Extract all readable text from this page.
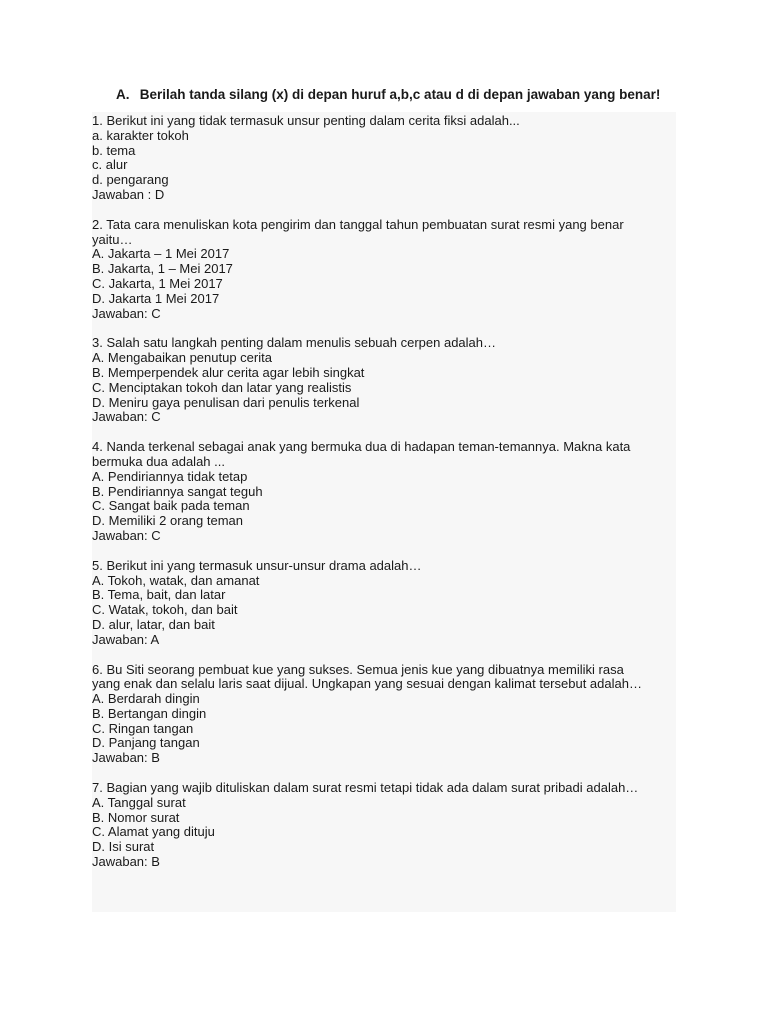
A. Berilah tanda silang (x) di depan huruf a,b,c atau d di depan jawaban yang benar!
1. Berikut ini yang tidak termasuk unsur penting dalam cerita fiksi adalah...
a. karakter tokoh
b. tema
c. alur
d. pengarang
Jawaban : D
2. Tata cara menuliskan kota pengirim dan tanggal tahun pembuatan surat resmi yang benar
yaitu…
A. Jakarta – 1 Mei 2017
B. Jakarta, 1 – Mei 2017
C. Jakarta, 1 Mei 2017
D. Jakarta 1 Mei 2017
Jawaban: C
3. Salah satu langkah penting dalam menulis sebuah cerpen adalah…
A. Mengabaikan penutup cerita
B. Memperpendek alur cerita agar lebih singkat
C. Menciptakan tokoh dan latar yang realistis
D. Meniru gaya penulisan dari penulis terkenal
Jawaban: C
4. Nanda terkenal sebagai anak yang bermuka dua di hadapan teman-temannya. Makna kata
bermuka dua adalah ...
A. Pendiriannya tidak tetap
B. Pendiriannya sangat teguh
C. Sangat baik pada teman
D. Memiliki 2 orang teman
Jawaban: C
5. Berikut ini yang termasuk unsur-unsur drama adalah…
A. Tokoh, watak, dan amanat
B. Tema, bait, dan latar
C. Watak, tokoh, dan bait
D. alur, latar, dan bait
Jawaban: A
6. Bu Siti seorang pembuat kue yang sukses. Semua jenis kue yang dibuatnya memiliki rasa
yang enak dan selalu laris saat dijual. Ungkapan yang sesuai dengan kalimat tersebut adalah…
A. Berdarah dingin
B. Bertangan dingin
C. Ringan tangan
D. Panjang tangan
Jawaban: B
7. Bagian yang wajib dituliskan dalam surat resmi tetapi tidak ada dalam surat pribadi adalah…
A. Tanggal surat
B. Nomor surat
C. Alamat yang dituju
D. Isi surat
Jawaban: B
